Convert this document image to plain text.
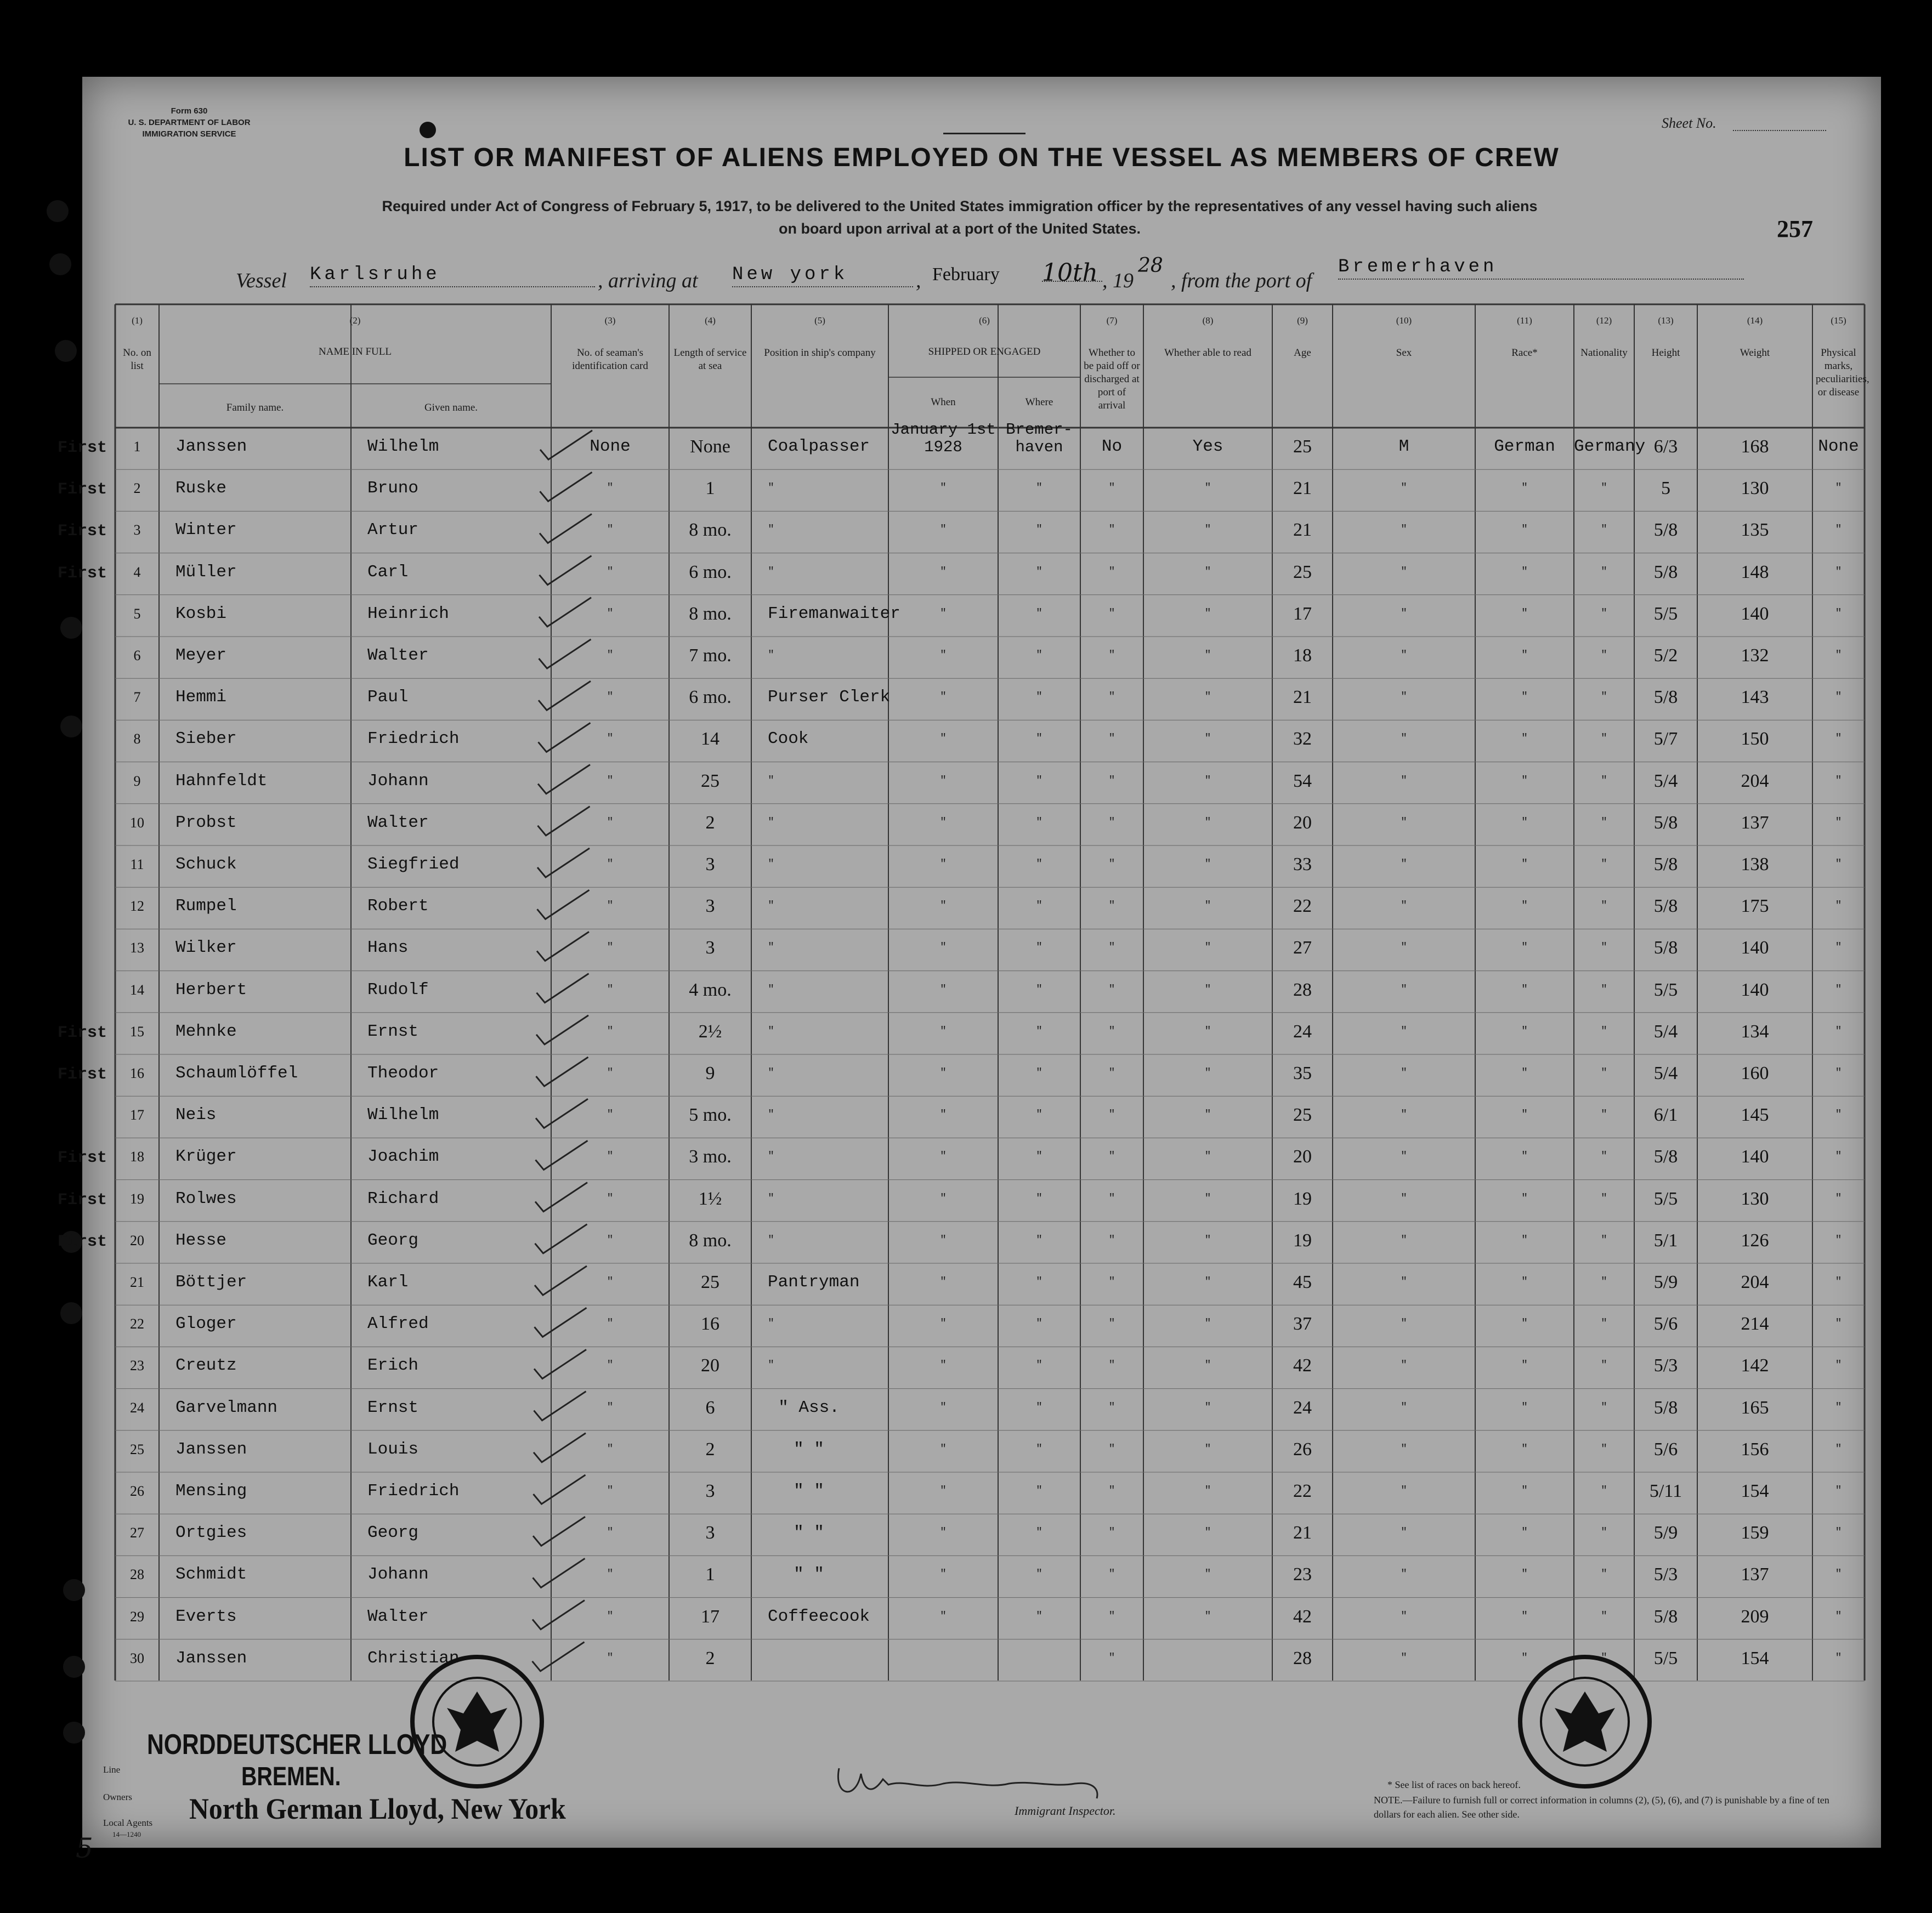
Form 630
U. S. DEPARTMENT OF LABOR
IMMIGRATION SERVICE
Sheet No.
LIST OR MANIFEST OF ALIENS EMPLOYED ON THE VESSEL AS MEMBERS OF CREW
Required under Act of Congress of February 5, 1917, to be delivered to the United States immigration officer by the representatives of any vessel having such aliens
on board upon arrival at a port of the United States.	257
Vessel Karlsruhe	, arriving at New york	, February	10th , 19
28
, from the port of
Bremerhaven
(1)
No. on list
(2)
NAME IN FULL
Family name.	Given name.
(3)
No. of seaman's identification card
(4)
Length of service at sea
(5)
Position in ship's company
(6)
SHIPPED OR ENGAGED
When	Where
(7)
Whether to be paid off or discharged at port of arrival
(8)
Whether able to read
(9)
Age
(10)
Sex
(11)
Race*
(12)
Nationality
(13)
Height
(14)
Weight
(15)
Physical marks, peculiarities, or disease
1	Janssen	Wilhelm	None	None	Coalpasser
January 1st 1928
Bremer- haven	No	Yes	25	M	German	Germany 6/3	168	None
2	Ruske	Bruno	"	1	"	"	"	"	"	21	"	"	"	5	130	"
3	Winter	Artur	"	8 mo.	"	"	"	"	"	21	"	"	"	5/8	135	"
4	Müller	Carl	"	6 mo.	"	"	"	"	"	25	"	"	"	5/8	148	"
5	Kosbi	Heinrich	"	8 mo.	Firemanwaiter	"	"	"	"	17	"	"	"	5/5	140	"
6	Meyer	Walter	"	7 mo.	"	"	"	"	"	18	"	"	"	5/2	132	"
7	Hemmi	Paul	"	6 mo.	Purser Clerk	"	"	"	"	21	"	"	"	5/8	143	"
8	Sieber	Friedrich	"	14	Cook	"	"	"	"	32	"	"	"	5/7	150	"
9	Hahnfeldt	Johann	"	25	"	"	"	"	"	54	"	"	"	5/4	204	"
10	Probst	Walter	"	2	"	"	"	"	"	20	"	"	"	5/8	137	"
11	Schuck	Siegfried	"	3	"	"	"	"	"	33	"	"	"	5/8	138	"
12	Rumpel	Robert	"	3	"	"	"	"	"	22	"	"	"	5/8	175	"
13	Wilker	Hans	"	3	"	"	"	"	"	27	"	"	"	5/8	140	"
14	Herbert	Rudolf	"	4 mo.	"	"	"	"	"	28	"	"	"	5/5	140	"
15	Mehnke	Ernst	"	2½	"	"	"	"	"	24	"	"	"	5/4	134	"
16	Schaumlöffel	Theodor	"	9	"	"	"	"	"	35	"	"	"	5/4	160	"
17	Neis	Wilhelm	"	5 mo.	"	"	"	"	"	25	"	"	"	6/1	145	"
18	Krüger	Joachim	"	3 mo.	"	"	"	"	"	20	"	"	"	5/8	140	"
19	Rolwes	Richard	"	1½	"	"	"	"	"	19	"	"	"	5/5	130	"
20	Hesse	Georg	"	8 mo.	"	"	"	"	"	19	"	"	"	5/1	126	"
21	Böttjer	Karl	"	25	Pantryman	"	"	"	"	45	"	"	"	5/9	204	"
22	Gloger	Alfred	"	16	"	"	"	"	"	37	"	"	"	5/6	214	"
23	Creutz	Erich	"	20	"	"	"	"	"	42	"	"	"	5/3	142	"
24	Garvelmann	Ernst	"	6	" Ass.	"	"	"	"	24	"	"	"	5/8	165	"
25	Janssen	Louis	"	2	" "	"	"	"	"	26	"	"	"	5/6	156	"
26	Mensing	Friedrich	"	3	" "	"	"	"	"	22	"	"	"	5/11	154	"
27	Ortgies	Georg	"	3	" "	"	"	"	"	21	"	"	"	5/9	159	"
28	Schmidt	Johann	"	1	" "	"	"	"	"	23	"	"	"	5/3	137	"
29	Everts	Walter	"	17	Coffeecook	"	"	"	"	42	"	"	"	5/8	209	"
30	Janssen	Christian	"	2	"	28	"	"	"	5/5	154	"
First
First
First
First
First
First
First
First
First
Line
Owners
Local Agents
14—1240
NORDDEUTSCHER LLOYD
BREMEN.
North German Lloyd, New York
5
Immigrant Inspector.
* See list of races on back hereof.
NOTE.—Failure to furnish full or correct information in columns (2), (5), (6), and (7) is punishable by a fine of ten dollars for each alien. See other side.
